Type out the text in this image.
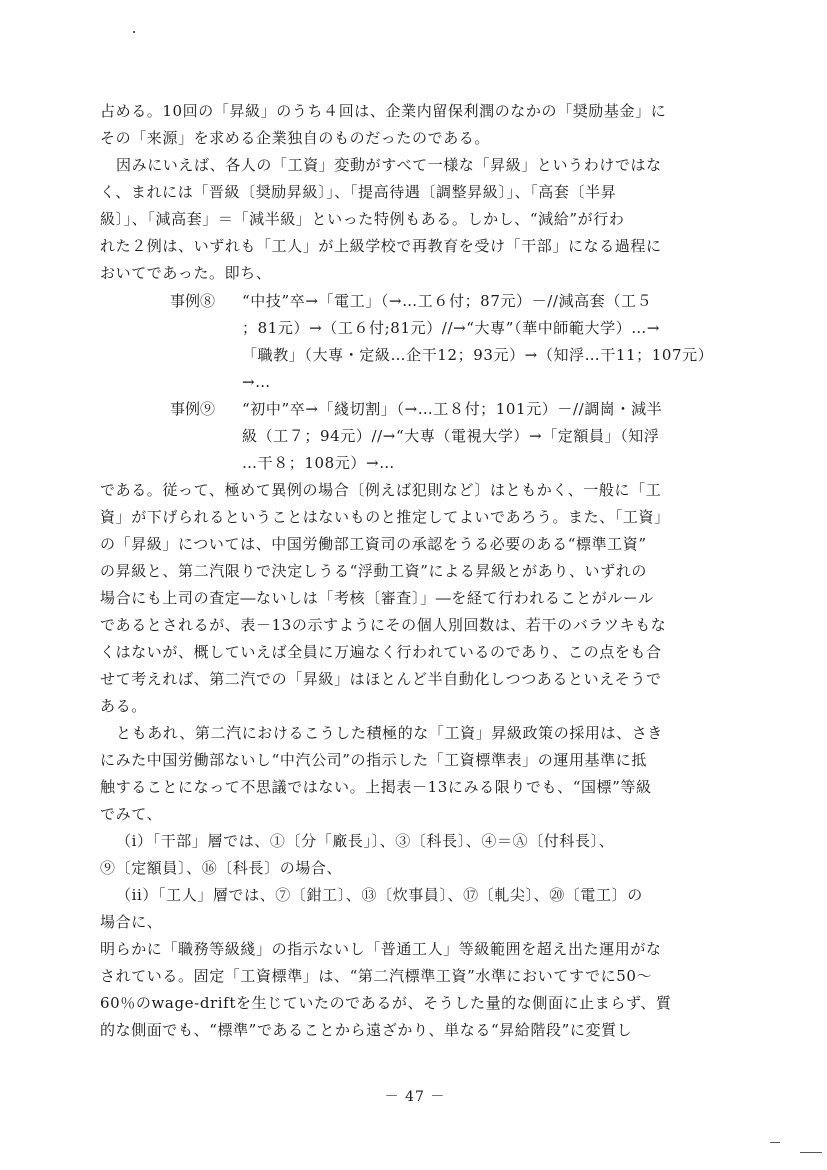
占める。10回の「昇級」のうち４回は、企業内留保利潤のなかの「奨励基金」に
その「来源」を求める企業独自のものだったのである。
因みにいえば、各人の「工資」変動がすべて一様な「昇級」というわけではな
く、まれには「晋級〔奨励昇級〕」、「提高待遇〔調整昇級〕」、「高套〔半昇
級〕」、「減高套」＝「減半級」といった特例もある。しかし、“減給”が行わ
れた２例は、いずれも「工人」が上級学校で再教育を受け「干部」になる過程に
おいてであった。即ち、
事例⑧ “中技”卒→「電工」（→…工６付；87元）－//減高套（工５
；81元）→（工６付;81元）//→“大専”（華中師範大学）…→
「職教」（大専・定級…企干12；93元）→（知浮…干11；107元）
→…
事例⑨ “初中”卒→「綫切割」（→…工８付；101元）－//調崗・減半
級（工７；94元）//→“大専（電視大学）→「定額員」（知浮
…干８；108元）→…
である。従って、極めて異例の場合〔例えば犯則など〕はともかく、一般に「工
資」が下げられるということはないものと推定してよいであろう。また、「工資」
の「昇級」については、中国労働部工資司の承認をうる必要のある“標準工資”
の昇級と、第二汽限りで決定しうる“浮動工資”による昇級とがあり、いずれの
場合にも上司の査定―ないしは「考核〔審査〕」―を経て行われることがルール
であるとされるが、表－13の示すようにその個人別回数は、若干のバラツキもな
くはないが、概していえば全員に万遍なく行われているのであり、この点をも合
せて考えれば、第二汽での「昇級」はほとんど半自動化しつつあるといえそうで
ある。
ともあれ、第二汽におけるこうした積極的な「工資」昇級政策の採用は、さき
にみた中国労働部ないし“中汽公司”の指示した「工資標準表」の運用基準に抵
触することになって不思議ではない。上掲表－13にみる限りでも、“国標”等級
でみて、
（i）「干部」層では、①〔分「廠長」〕、③〔科長〕、④＝Ⓐ〔付科長〕、
⑨〔定額員〕、⑯〔科長〕の場合、
（ii）「工人」層では、⑦〔鉗工〕、⑬〔炊事員〕、⑰〔軋尖〕、⑳〔電工〕の
場合に、
明らかに「職務等級綫」の指示ないし「普通工人」等級範囲を超え出た運用がな
されている。固定「工資標準」は、“第二汽標準工資”水準においてすでに50～
60％のwage-driftを生じていたのであるが、そうした量的な側面に止まらず、質
的な側面でも、“標準”であることから遠ざかり、単なる“昇給階段”に変質し
－ 47 －
